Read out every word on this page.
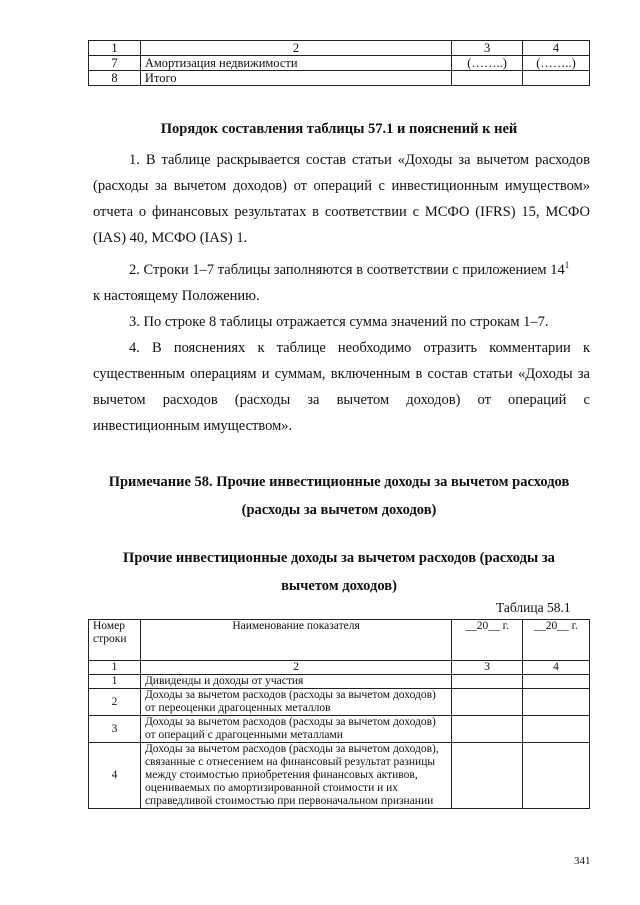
1	2	3	4
7	Амортизация недвижимости	(……..)	(……..)
8	Итого		
Порядок составления таблицы 57.1 и пояснений к ней
1. В таблице раскрывается состав статьи «Доходы за вычетом расходов (расходы за вычетом доходов) от операций с инвестиционным имуществом» отчета о финансовых результатах в соответствии с МСФО (IFRS) 15, МСФО (IAS) 40, МСФО (IAS) 1.
2. Строки 1–7 таблицы заполняются в соответствии с приложением $14^1$
к настоящему Положению.
3. По строке 8 таблицы отражается сумма значений по строкам 1–7.
4. В пояснениях к таблице необходимо отразить комментарии к существенным операциям и суммам, включенным в состав статьи «Доходы за вычетом расходов (расходы за вычетом доходов) от операций с инвестиционным имуществом».
Примечание 58. Прочие инвестиционные доходы за вычетом расходов
(расходы за вычетом доходов)
Прочие инвестиционные доходы за вычетом расходов (расходы за
вычетом доходов)
Таблица 58.1
Номер строки	Наименование показателя	__20__ г.	__20__ г.
1	2	3	4
1	Дивиденды и доходы от участия		
2	Доходы за вычетом расходов (расходы за вычетом доходов) от переоценки драгоценных металлов		
3	Доходы за вычетом расходов (расходы за вычетом доходов) от операций с драгоценными металлами		
4	Доходы за вычетом расходов (расходы за вычетом доходов), связанные с отнесением на финансовый результат разницы между стоимостью приобретения финансовых активов, оцениваемых по амортизированной стоимости и их справедливой стоимостью при первоначальном признании		
341
